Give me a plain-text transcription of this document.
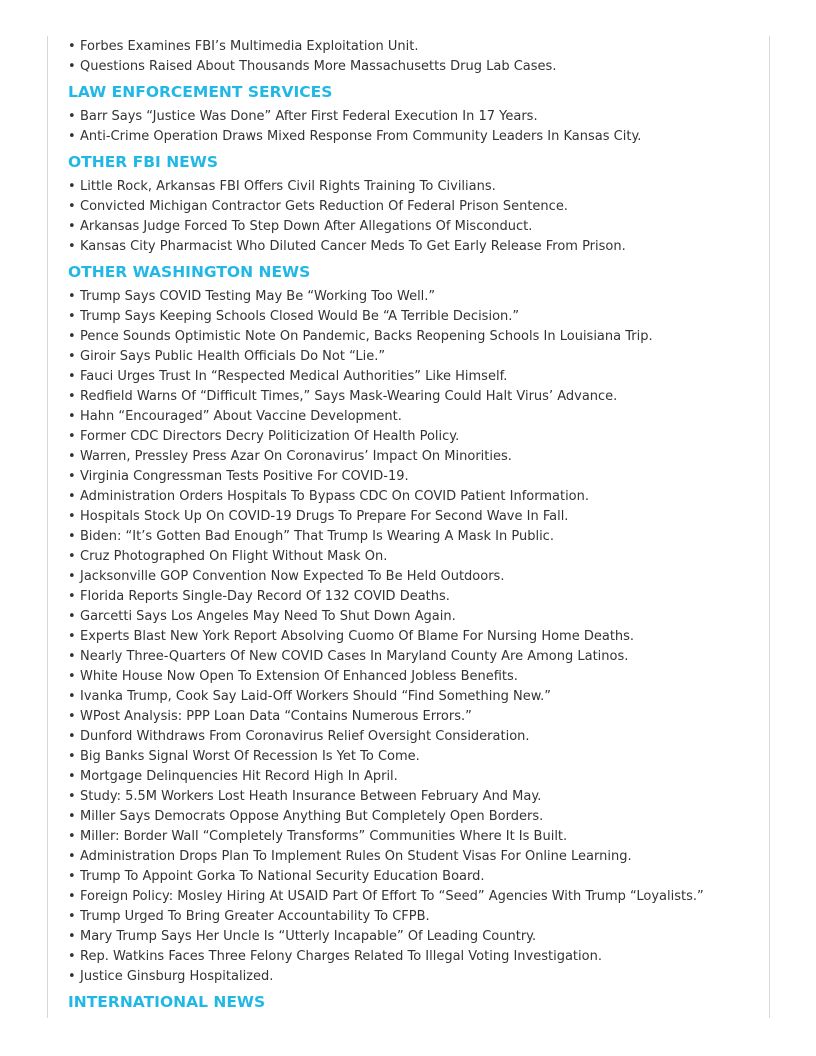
• Forbes Examines FBI’s Multimedia Exploitation Unit.
• Questions Raised About Thousands More Massachusetts Drug Lab Cases.
LAW ENFORCEMENT SERVICES
• Barr Says “Justice Was Done” After First Federal Execution In 17 Years.
• Anti-Crime Operation Draws Mixed Response From Community Leaders In Kansas City.
OTHER FBI NEWS
• Little Rock, Arkansas FBI Offers Civil Rights Training To Civilians.
• Convicted Michigan Contractor Gets Reduction Of Federal Prison Sentence.
• Arkansas Judge Forced To Step Down After Allegations Of Misconduct.
• Kansas City Pharmacist Who Diluted Cancer Meds To Get Early Release From Prison.
OTHER WASHINGTON NEWS
• Trump Says COVID Testing May Be “Working Too Well.”
• Trump Says Keeping Schools Closed Would Be “A Terrible Decision.”
• Pence Sounds Optimistic Note On Pandemic, Backs Reopening Schools In Louisiana Trip.
• Giroir Says Public Health Officials Do Not “Lie.”
• Fauci Urges Trust In “Respected Medical Authorities” Like Himself.
• Redfield Warns Of “Difficult Times,” Says Mask-Wearing Could Halt Virus’ Advance.
• Hahn “Encouraged” About Vaccine Development.
• Former CDC Directors Decry Politicization Of Health Policy.
• Warren, Pressley Press Azar On Coronavirus’ Impact On Minorities.
• Virginia Congressman Tests Positive For COVID-19.
• Administration Orders Hospitals To Bypass CDC On COVID Patient Information.
• Hospitals Stock Up On COVID-19 Drugs To Prepare For Second Wave In Fall.
• Biden: “It’s Gotten Bad Enough” That Trump Is Wearing A Mask In Public.
• Cruz Photographed On Flight Without Mask On.
• Jacksonville GOP Convention Now Expected To Be Held Outdoors.
• Florida Reports Single-Day Record Of 132 COVID Deaths.
• Garcetti Says Los Angeles May Need To Shut Down Again.
• Experts Blast New York Report Absolving Cuomo Of Blame For Nursing Home Deaths.
• Nearly Three-Quarters Of New COVID Cases In Maryland County Are Among Latinos.
• White House Now Open To Extension Of Enhanced Jobless Benefits.
• Ivanka Trump, Cook Say Laid-Off Workers Should “Find Something New.”
• WPost Analysis: PPP Loan Data “Contains Numerous Errors.”
• Dunford Withdraws From Coronavirus Relief Oversight Consideration.
• Big Banks Signal Worst Of Recession Is Yet To Come.
• Mortgage Delinquencies Hit Record High In April.
• Study: 5.5M Workers Lost Heath Insurance Between February And May.
• Miller Says Democrats Oppose Anything But Completely Open Borders.
• Miller: Border Wall “Completely Transforms” Communities Where It Is Built.
• Administration Drops Plan To Implement Rules On Student Visas For Online Learning.
• Trump To Appoint Gorka To National Security Education Board.
• Foreign Policy: Mosley Hiring At USAID Part Of Effort To “Seed” Agencies With Trump “Loyalists.”
• Trump Urged To Bring Greater Accountability To CFPB.
• Mary Trump Says Her Uncle Is “Utterly Incapable” Of Leading Country.
• Rep. Watkins Faces Three Felony Charges Related To Illegal Voting Investigation.
• Justice Ginsburg Hospitalized.
INTERNATIONAL NEWS
